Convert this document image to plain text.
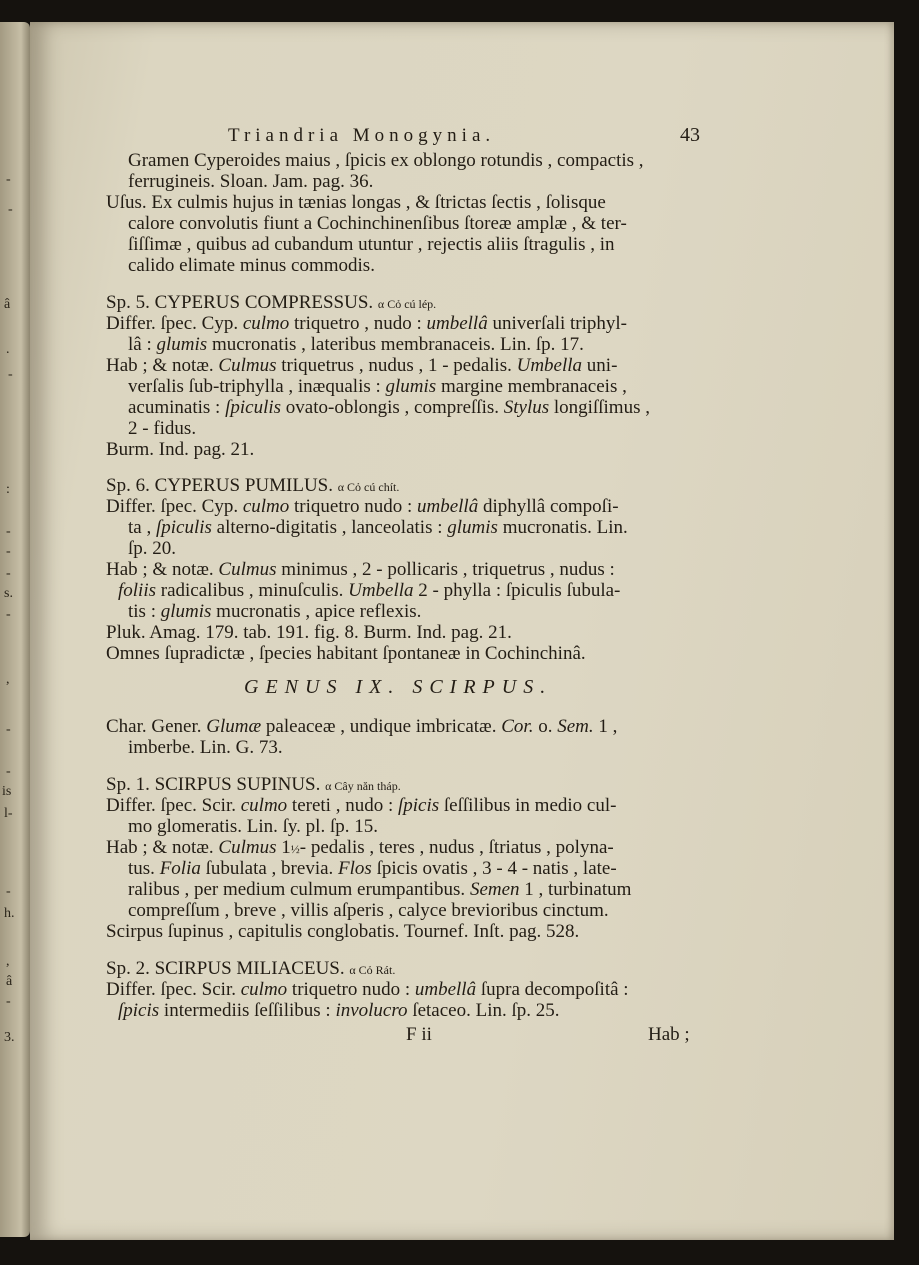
-
-
â
.
-
:
-
-
-
s.
-
,
-
-
is
l-
-
h.
,
â
-
3.
Triandria Monogynia.	43
Gramen Cyperoides maius , ſpicis ex oblongo rotundis , compactis ,
ferrugineis. Sloan. Jam. pag. 36.
Uſus. Ex culmis hujus in tænias longas , & ſtrictas ſectis , ſolisque
calore convolutis fiunt a Cochinchinenſibus ſtoreæ amplæ , & ter-
ſiſſimæ , quibus ad cubandum utuntur , rejectis aliis ſtragulis , in
calido elimate minus commodis.
Sp. 5. CYPERUS COMPRESSUS. α Cỏ cú lép.
Differ. ſpec. Cyp. culmo triquetro , nudo : umbellâ univerſali triphyl-
lâ : glumis mucronatis , lateribus membranaceis. Lin. ſp. 17.
Hab ; & notæ. Culmus triquetrus , nudus , 1 - pedalis. Umbella uni-
verſalis ſub-triphylla , inæqualis : glumis margine membranaceis ,
acuminatis : ſpiculis ovato-oblongis , compreſſis. Stylus longiſſimus ,
2 - fidus.
Burm. Ind. pag. 21.
Sp. 6. CYPERUS PUMILUS. α Cỏ cú chít.
Differ. ſpec. Cyp. culmo triquetro nudo : umbellâ diphyllâ compoſi-
ta , ſpiculis alterno-digitatis , lanceolatis : glumis mucronatis. Lin.
ſp. 20.
Hab ; & notæ. Culmus minimus , 2 - pollicaris , triquetrus , nudus :
foliis radicalibus , minuſculis. Umbella 2 - phylla : ſpiculis ſubula-
tis : glumis mucronatis , apice reflexis.
Pluk. Amag. 179. tab. 191. fig. 8. Burm. Ind. pag. 21.
Omnes ſupradictæ , ſpecies habitant ſpontaneæ in Cochinchinâ.
GENUS IX. SCIRPUS.
Char. Gener. Glumæ paleaceæ , undique imbricatæ. Cor. o. Sem. 1 ,
imberbe. Lin. G. 73.
Sp. 1. SCIRPUS SUPINUS. α Cây năn tháp.
Differ. ſpec. Scir. culmo tereti , nudo : ſpicis ſeſſilibus in medio cul-
mo glomeratis. Lin. ſy. pl. ſp. 15.
Hab ; & notæ. Culmus 1½- pedalis , teres , nudus , ſtriatus , polyna-
tus. Folia ſubulata , brevia. Flos ſpicis ovatis , 3 - 4 - natis , late-
ralibus , per medium culmum erumpantibus. Semen 1 , turbinatum
compreſſum , breve , villis aſperis , calyce brevioribus cinctum.
Scirpus ſupinus , capitulis conglobatis. Tournef. Inſt. pag. 528.
Sp. 2. SCIRPUS MILIACEUS. α Cỏ Rát.
Differ. ſpec. Scir. culmo triquetro nudo : umbellâ ſupra decompoſitâ :
ſpicis intermediis ſeſſilibus : involucro ſetaceo. Lin. ſp. 25.
F ii	Hab ;
